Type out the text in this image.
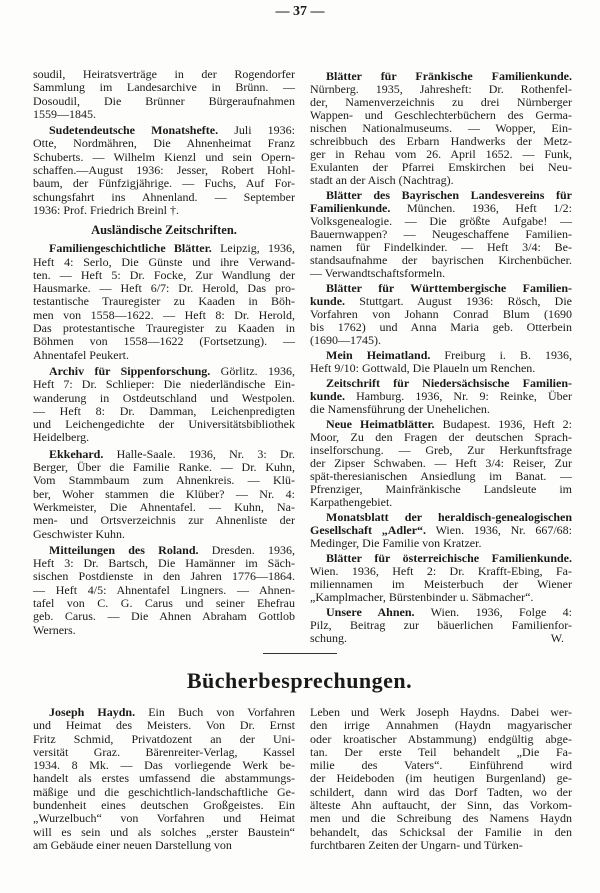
— 37 —
soudil, Heiratsverträge in der Rogendorfer
Sammlung im Landesarchive in Brünn. —
Dosoudil, Die Brünner Bürgeraufnahmen
1559—1845.
Sudetendeutsche Monatshefte. Juli 1936:
Otte, Nordmähren, Die Ahnenheimat Franz
Schuberts. — Wilhelm Kienzl und sein Opern-
schaffen.—August 1936: Jesser, Robert Hohl-
baum, der Fünfzigjährige. — Fuchs, Auf For-
schungsfahrt ins Ahnenland. — September
1936: Prof. Friedrich Breinl †.
Ausländische Zeitschriften.
Familiengeschichtliche Blätter. Leipzig, 1936,
Heft 4: Serlo, Die Günste und ihre Verwand-
ten. — Heft 5: Dr. Focke, Zur Wandlung der
Hausmarke. — Heft 6/7: Dr. Herold, Das pro-
testantische Trauregister zu Kaaden in Böh-
men von 1558—1622. — Heft 8: Dr. Herold,
Das protestantische Trauregister zu Kaaden in
Böhmen von 1558—1622 (Fortsetzung). —
Ahnentafel Peukert.
Archiv für Sippenforschung. Görlitz. 1936,
Heft 7: Dr. Schlieper: Die niederländische Ein-
wanderung in Ostdeutschland und Westpolen.
— Heft 8: Dr. Damman, Leichenpredigten
und Leichengedichte der Universitätsbibliothek
Heidelberg.
Ekkehard. Halle-Saale. 1936, Nr. 3: Dr.
Berger, Über die Familie Ranke. — Dr. Kuhn,
Vom Stammbaum zum Ahnenkreis. — Klü-
ber, Woher stammen die Klüber? — Nr. 4:
Werkmeister, Die Ahnentafel. — Kuhn, Na-
men- und Ortsverzeichnis zur Ahnenliste der
Geschwister Kuhn.
Mitteilungen des Roland. Dresden. 1936,
Heft 3: Dr. Bartsch, Die Hamänner im Säch-
sischen Postdienste in den Jahren 1776—1864.
— Heft 4/5: Ahnentafel Lingners. — Ahnen-
tafel von C. G. Carus und seiner Ehefrau
geb. Carus. — Die Ahnen Abraham Gottlob
Werners.
Blätter für Fränkische Familienkunde.
Nürnberg. 1935, Jahresheft: Dr. Rothenfel-
der, Namenverzeichnis zu drei Nürnberger
Wappen- und Geschlechterbüchern des Germa-
nischen Nationalmuseums. — Wopper, Ein-
schreibbuch des Erbarn Handwerks der Metz-
ger in Rehau vom 26. April 1652. — Funk,
Exulanten der Pfarrei Emskirchen bei Neu-
stadt an der Aisch (Nachtrag).
Blätter des Bayrischen Landesvereins für
Familienkunde. München. 1936, Heft 1/2:
Volksgenealogie. — Die größte Aufgabe! —
Bauernwappen? — Neugeschaffene Familien-
namen für Findelkinder. — Heft 3/4: Be-
standsaufnahme der bayrischen Kirchenbücher.
— Verwandtschaftsformeln.
Blätter für Württembergische Familien-
kunde. Stuttgart. August 1936: Rösch, Die
Vorfahren von Johann Conrad Blum (1690
bis 1762) und Anna Maria geb. Otterbein
(1690—1745).
Mein Heimatland. Freiburg i. B. 1936,
Heft 9/10: Gottwald, Die Plaueln um Renchen.
Zeitschrift für Niedersächsische Familien-
kunde. Hamburg. 1936, Nr. 9: Reinke, Über
die Namensführung der Unehelichen.
Neue Heimatblätter. Budapest. 1936, Heft 2:
Moor, Zu den Fragen der deutschen Sprach-
inselforschung. — Greb, Zur Herkunftsfrage
der Zipser Schwaben. — Heft 3/4: Reiser, Zur
spät-theresianischen Ansiedlung im Banat. —
Pfrenziger, Mainfränkische Landsleute im
Karpathengebiet.
Monatsblatt der heraldisch-genealogischen
Gesellschaft „Adler“. Wien. 1936, Nr. 667/68:
Medinger, Die Familie von Kratzer.
Blätter für österreichische Familienkunde.
Wien. 1936, Heft 2: Dr. Krafft-Ebing, Fa-
miliennamen im Meisterbuch der Wiener
„Kamplmacher, Bürstenbinder u. Säbmacher“.
Unsere Ahnen. Wien. 1936, Folge 4:
Pilz, Beitrag zur bäuerlichen Familienfor-
schung.	W.
Bücherbesprechungen.
Joseph Haydn. Ein Buch von Vorfahren
und Heimat des Meisters. Von Dr. Ernst
Fritz Schmid, Privatdozent an der Uni-
versität Graz. Bärenreiter-Verlag, Kassel
1934. 8 Mk. — Das vorliegende Werk be-
handelt als erstes umfassend die abstammungs-
mäßige und die geschichtlich-landschaftliche Ge-
bundenheit eines deutschen Großgeistes. Ein
„Wurzelbuch“ von Vorfahren und Heimat
will es sein und als solches „erster Baustein“
am Gebäude einer neuen Darstellung von
Leben und Werk Joseph Haydns. Dabei wer-
den irrige Annahmen (Haydn magyarischer
oder kroatischer Abstammung) endgültig abge-
tan. Der erste Teil behandelt „Die Fa-
milie des Vaters“. Einführend wird
der Heideboden (im heutigen Burgenland) ge-
schildert, dann wird das Dorf Tadten, wo der
älteste Ahn auftaucht, der Sinn, das Vorkom-
men und die Schreibung des Namens Haydn
behandelt, das Schicksal der Familie in den
furchtbaren Zeiten der Ungarn- und Türken-
